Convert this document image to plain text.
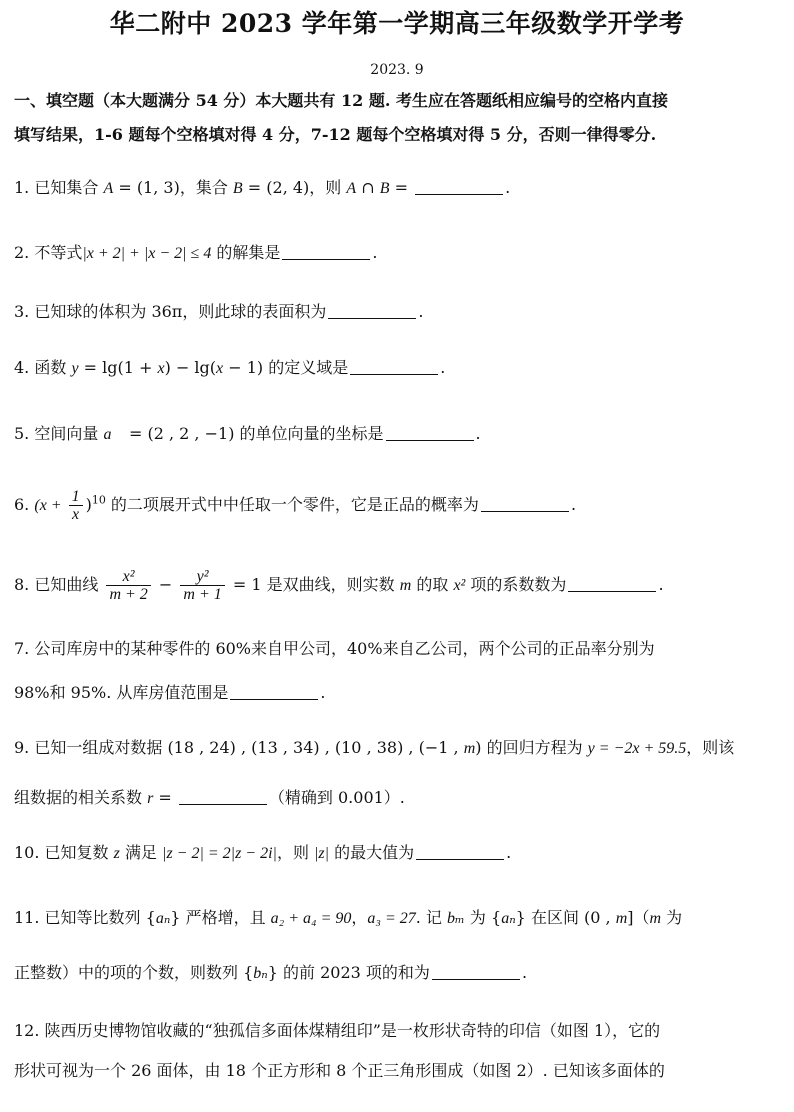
华二附中 2023 学年第一学期高三年级数学开学考
2023. 9
一、填空题（本大题满分 54 分）本大题共有 12 题. 考生应在答题纸相应编号的空格内直接
填写结果，1-6 题每个空格填对得 4 分，7-12 题每个空格填对得 5 分，否则一律得零分.
1. 已知集合 A = (1, 3)，集合 B = (2, 4)，则 A ∩ B =	.
2. 不等式|x + 2| + |x − 2| ≤ 4 的解集是	.
3. 已知球的体积为 36π，则此球的表面积为	.
4. 函数 y = lg(1 + x) − lg(x − 1) 的定义域是	.
5. 空间向量 a⃗ = (2 , 2 , −1) 的单位向量的坐标是	.
6. $(x + \frac{1}{x} )^{10}$ 的二项展开式中中任取一个零件，它是正品的概率为	.
8. 已知曲线 $\frac{\text{x²}}{m + 2} - \frac{\text{y²}}{m + 1} = 1$ 是双曲线，则实数 m 的取 x² 项的系数数为	.
7. 公司库房中的某种零件的 60%来自甲公司，40%来自乙公司，两个公司的正品率分别为
98%和 95%. 从库房值范围是	.
9. 已知一组成对数据 (18 , 24) , (13 , 34) , (10 , 38) , (−1 , m) 的回归方程为 y = −2x + 59.5，则该
组数据的相关系数 r =	（精确到 0.001）.
10. 已知复数 z 满足 |z − 2| = 2|z − 2i|，则 |z| 的最大值为	.
11. 已知等比数列 {aₙ} 严格增，且 a₂ + a₄ = 90，a₃ = 27. 记 bₘ 为 {aₙ} 在区间 (0 , m]（m 为
正整数）中的项的个数，则数列 {bₙ} 的前 2023 项的和为	.
12. 陕西历史博物馆收藏的“独孤信多面体煤精组印”是一枚形状奇特的印信（如图 1），它的
形状可视为一个 26 面体，由 18 个正方形和 8 个正三角形围成（如图 2）. 已知该多面体的
